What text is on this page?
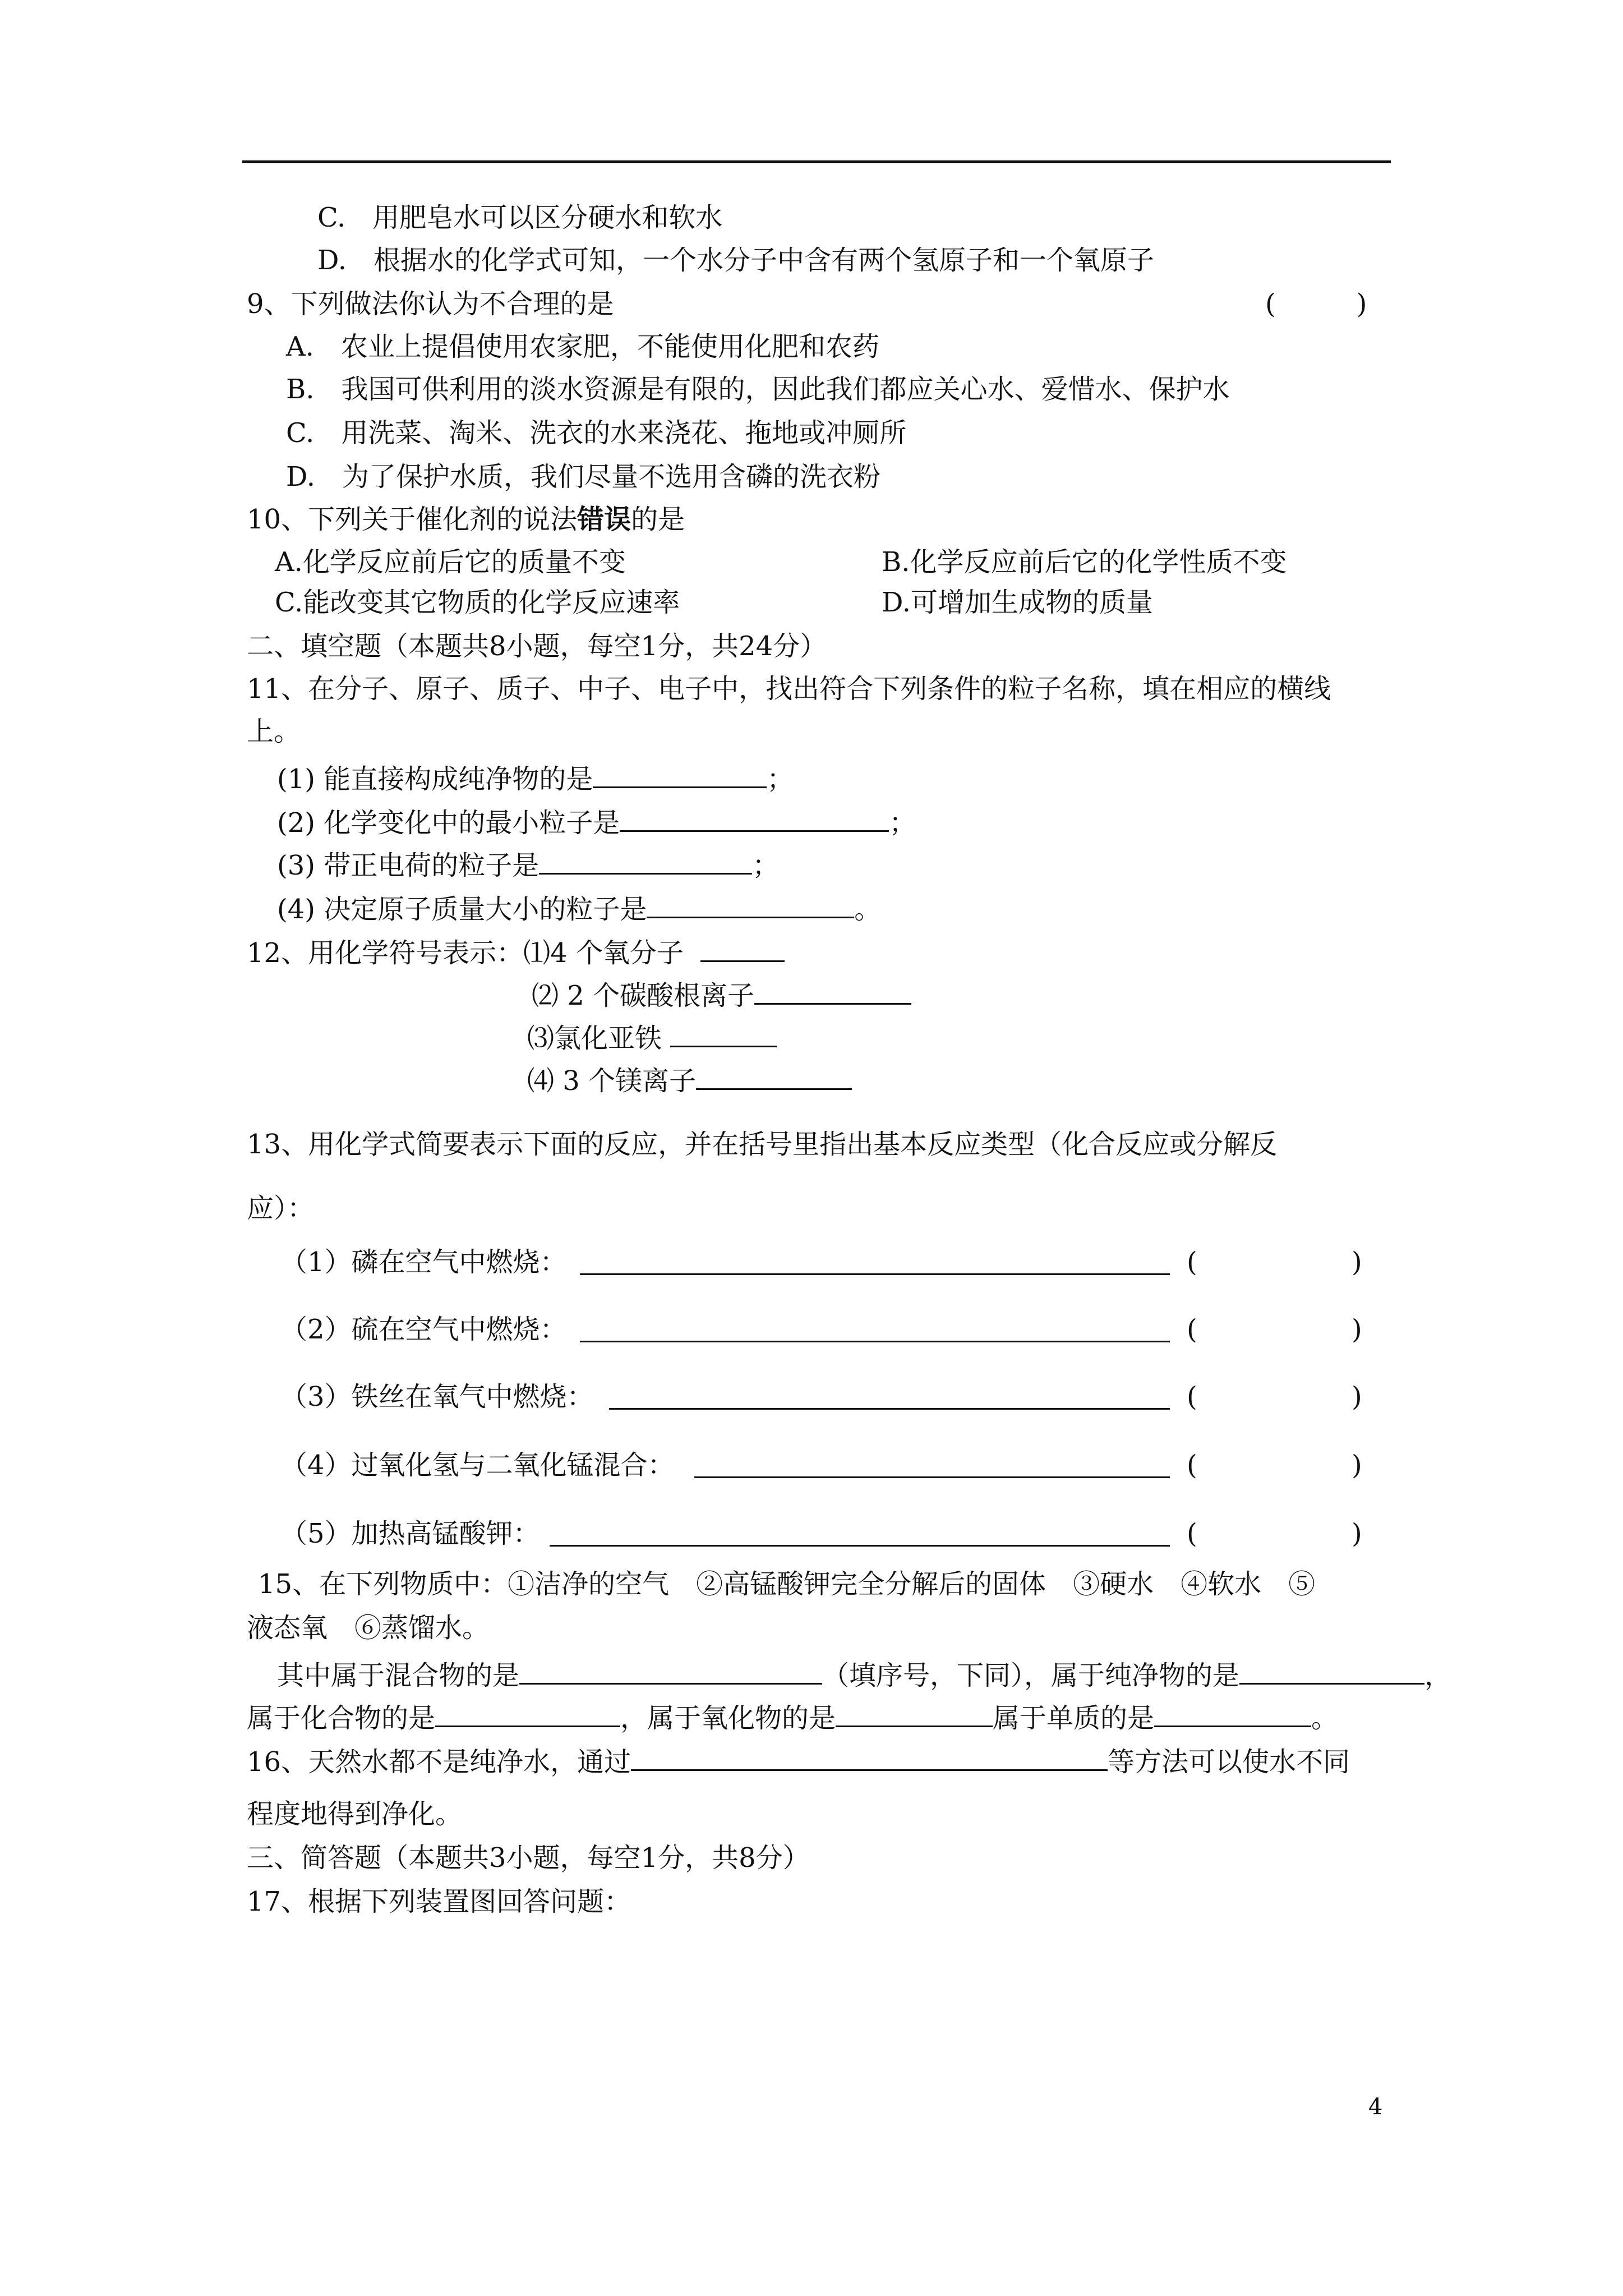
C.　用肥皂水可以区分硬水和软水
D.　根据水的化学式可知，一个水分子中含有两个氢原子和一个氧原子
9、下列做法你认为不合理的是	(　　　)
A.　农业上提倡使用农家肥，不能使用化肥和农药
B.　我国可供利用的淡水资源是有限的，因此我们都应关心水、爱惜水、保护水
C.　用洗菜、淘米、洗衣的水来浇花、拖地或冲厕所
D.　为了保护水质，我们尽量不选用含磷的洗衣粉
10、下列关于催化剂的说法错误的是
A.化学反应前后它的质量不变	B.化学反应前后它的化学性质不变
C.能改变其它物质的化学反应速率	D.可增加生成物的质量
二、填空题（本题共8小题，每空1分，共24分）
11、在分子、原子、质子、中子、电子中，找出符合下列条件的粒子名称，填在相应的横线
上。
(1) 能直接构成纯净物的是	；
(2) 化学变化中的最小粒子是	；
(3) 带正电荷的粒子是	；
(4) 决定原子质量大小的粒子是	。
12、用化学符号表示：⑴4 个氧分子
⑵ 2 个碳酸根离子
⑶氯化亚铁
⑷ 3 个镁离子
13、用化学式简要表示下面的反应，并在括号里指出基本反应类型（化合反应或分解反
应）：
（1）磷在空气中燃烧：	(	)
（2）硫在空气中燃烧：	(	)
（3）铁丝在氧气中燃烧：	(	)
（4）过氧化氢与二氧化锰混合：	(	)
（5）加热高锰酸钾：	(	)
15、在下列物质中：①洁净的空气　②高锰酸钾完全分解后的固体　③硬水　④软水　⑤
液态氧　⑥蒸馏水。
其中属于混合物的是	（填序号，下同），属于纯净物的是	，
属于化合物的是	，属于氧化物的是	属于单质的是	。
16、天然水都不是纯净水，通过	等方法可以使水不同
程度地得到净化。
三、简答题（本题共3小题，每空1分，共8分）
17、根据下列装置图回答问题：
4
